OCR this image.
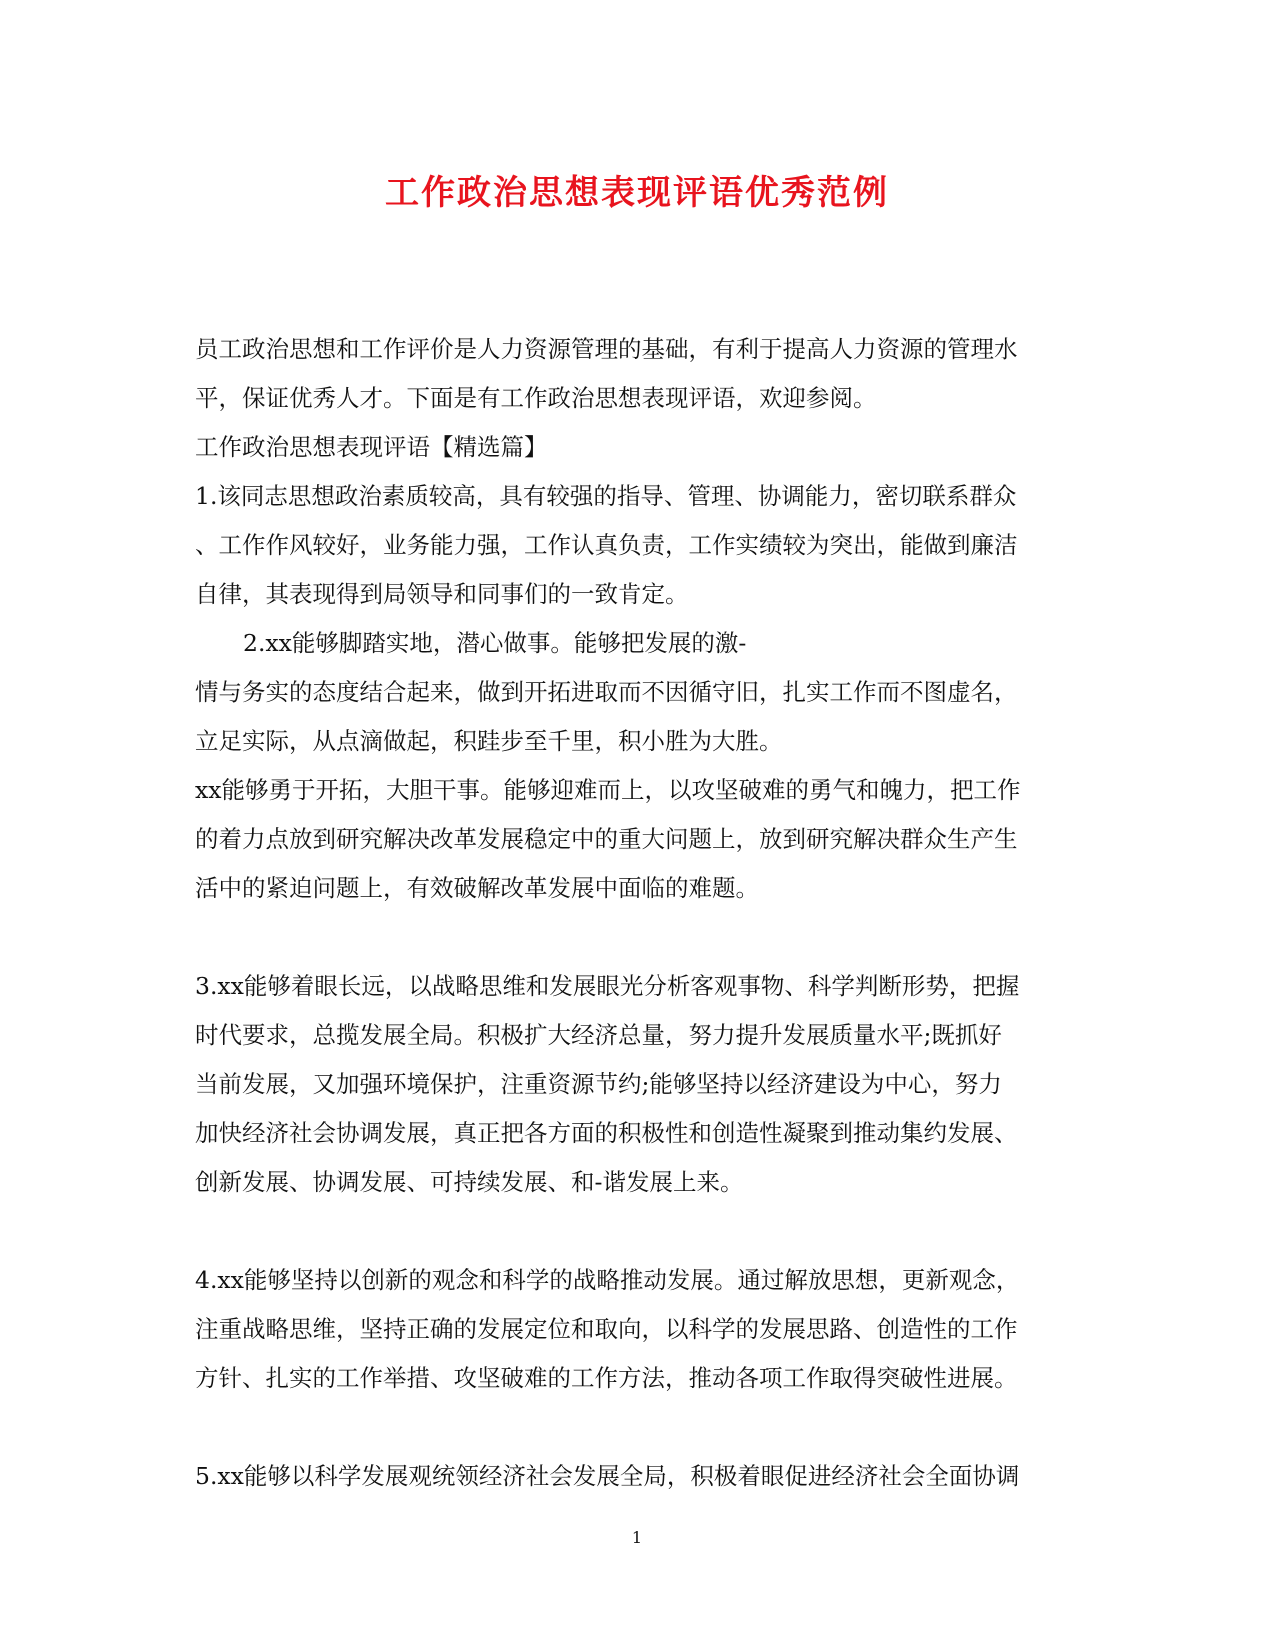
工作政治思想表现评语优秀范例
员工政治思想和工作评价是人力资源管理的基础，有利于提高人力资源的管理水
平，保证优秀人才。下面是有工作政治思想表现评语，欢迎参阅。
工作政治思想表现评语【精选篇】
1.该同志思想政治素质较高，具有较强的指导、管理、协调能力，密切联系群众
、工作作风较好，业务能力强，工作认真负责，工作实绩较为突出，能做到廉洁
自律，其表现得到局领导和同事们的一致肯定。
2.xx能够脚踏实地，潜心做事。能够把发展的激-
情与务实的态度结合起来，做到开拓进取而不因循守旧，扎实工作而不图虚名，
立足实际，从点滴做起，积跬步至千里，积小胜为大胜。
xx能够勇于开拓，大胆干事。能够迎难而上，以攻坚破难的勇气和魄力，把工作
的着力点放到研究解决改革发展稳定中的重大问题上，放到研究解决群众生产生
活中的紧迫问题上，有效破解改革发展中面临的难题。
3.xx能够着眼长远，以战略思维和发展眼光分析客观事物、科学判断形势，把握
时代要求，总揽发展全局。积极扩大经济总量，努力提升发展质量水平;既抓好
当前发展，又加强环境保护，注重资源节约;能够坚持以经济建设为中心，努力
加快经济社会协调发展，真正把各方面的积极性和创造性凝聚到推动集约发展、
创新发展、协调发展、可持续发展、和-谐发展上来。
4.xx能够坚持以创新的观念和科学的战略推动发展。通过解放思想，更新观念，
注重战略思维，坚持正确的发展定位和取向，以科学的发展思路、创造性的工作
方针、扎实的工作举措、攻坚破难的工作方法，推动各项工作取得突破性进展。
5.xx能够以科学发展观统领经济社会发展全局，积极着眼促进经济社会全面协调
1
